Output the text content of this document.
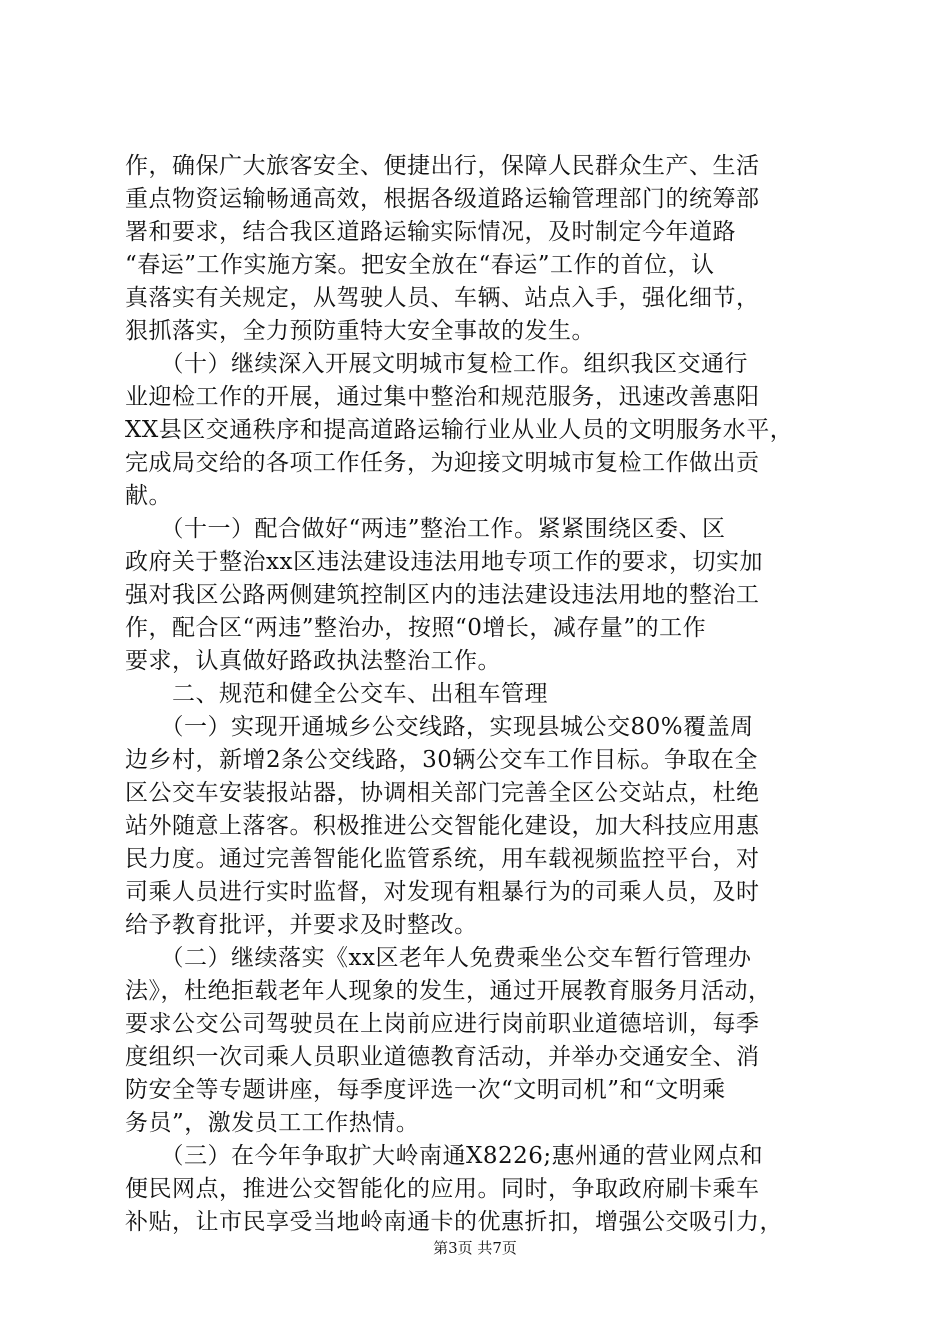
作，确保广大旅客安全、便捷出行，保障人民群众生产、生活
重点物资运输畅通高效，根据各级道路运输管理部门的统筹部
署和要求，结合我区道路运输实际情况，及时制定今年道路
“春运”工作实施方案。把安全放在“春运”工作的首位，认
真落实有关规定，从驾驶人员、车辆、站点入手，强化细节，
狠抓落实，全力预防重特大安全事故的发生。
　　（十）继续深入开展文明城市复检工作。组织我区交通行
业迎检工作的开展，通过集中整治和规范服务，迅速改善惠阳
XX县区交通秩序和提高道路运输行业从业人员的文明服务水平，
完成局交给的各项工作任务，为迎接文明城市复检工作做出贡
献。
　　（十一）配合做好“两违”整治工作。紧紧围绕区委、区
政府关于整治xx区违法建设违法用地专项工作的要求，切实加
强对我区公路两侧建筑控制区内的违法建设违法用地的整治工
作，配合区“两违”整治办，按照“0增长，减存量”的工作
要求，认真做好路政执法整治工作。
　　二、规范和健全公交车、出租车管理
　　（一）实现开通城乡公交线路，实现县城公交80%覆盖周
边乡村，新增2条公交线路，30辆公交车工作目标。争取在全
区公交车安装报站器，协调相关部门完善全区公交站点，杜绝
站外随意上落客。积极推进公交智能化建设，加大科技应用惠
民力度。通过完善智能化监管系统，用车载视频监控平台，对
司乘人员进行实时监督，对发现有粗暴行为的司乘人员，及时
给予教育批评，并要求及时整改。
　　（二）继续落实《xx区老年人免费乘坐公交车暂行管理办
法》，杜绝拒载老年人现象的发生，通过开展教育服务月活动，
要求公交公司驾驶员在上岗前应进行岗前职业道德培训，每季
度组织一次司乘人员职业道德教育活动，并举办交通安全、消
防安全等专题讲座，每季度评选一次“文明司机”和“文明乘
务员”，激发员工工作热情。
　　（三）在今年争取扩大岭南通X8226;惠州通的营业网点和
便民网点，推进公交智能化的应用。同时，争取政府刷卡乘车
补贴，让市民享受当地岭南通卡的优惠折扣，增强公交吸引力，
第3页 共7页
